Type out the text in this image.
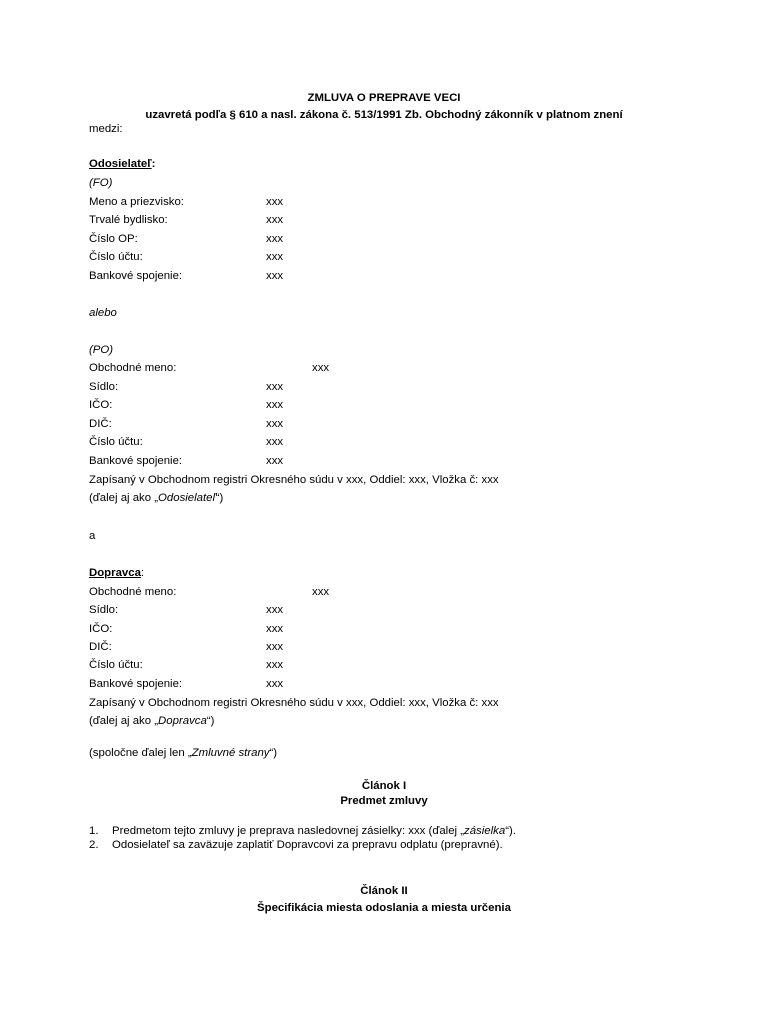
ZMLUVA O PREPRAVE VECI
uzavretá podľa § 610 a nasl. zákona č. 513/1991 Zb. Obchodný zákonník v platnom znení
medzi:
Odosielateľ:
(FO)
Meno a priezvisko:	xxx
Trvalé bydlisko:	xxx
Číslo OP:	xxx
Číslo účtu:	xxx
Bankové spojenie:	xxx
alebo
(PO)
Obchodné meno:	xxx
Sídlo:	xxx
IČO:	xxx
DIČ:	xxx
Číslo účtu:	xxx
Bankové spojenie:	xxx
Zapísaný v Obchodnom registri Okresného súdu v xxx, Oddiel: xxx, Vložka č: xxx
(ďalej aj ako „Odosielateľ“)
a
Dopravca:
Obchodné meno:	xxx
Sídlo:	xxx
IČO:	xxx
DIČ:	xxx
Číslo účtu:	xxx
Bankové spojenie:	xxx
Zapísaný v Obchodnom registri Okresného súdu v xxx, Oddiel: xxx, Vložka č: xxx
(ďalej aj ako „Dopravca“)
(spoločne ďalej len „Zmluvné strany“)
Článok I
Predmet zmluvy
1. Predmetom tejto zmluvy je preprava nasledovnej zásielky: xxx (ďalej „zásielka“).
2. Odosielateľ sa zaväzuje zaplatiť Dopravcovi za prepravu odplatu (prepravné).
Článok II
Špecifikácia miesta odoslania a miesta určenia
